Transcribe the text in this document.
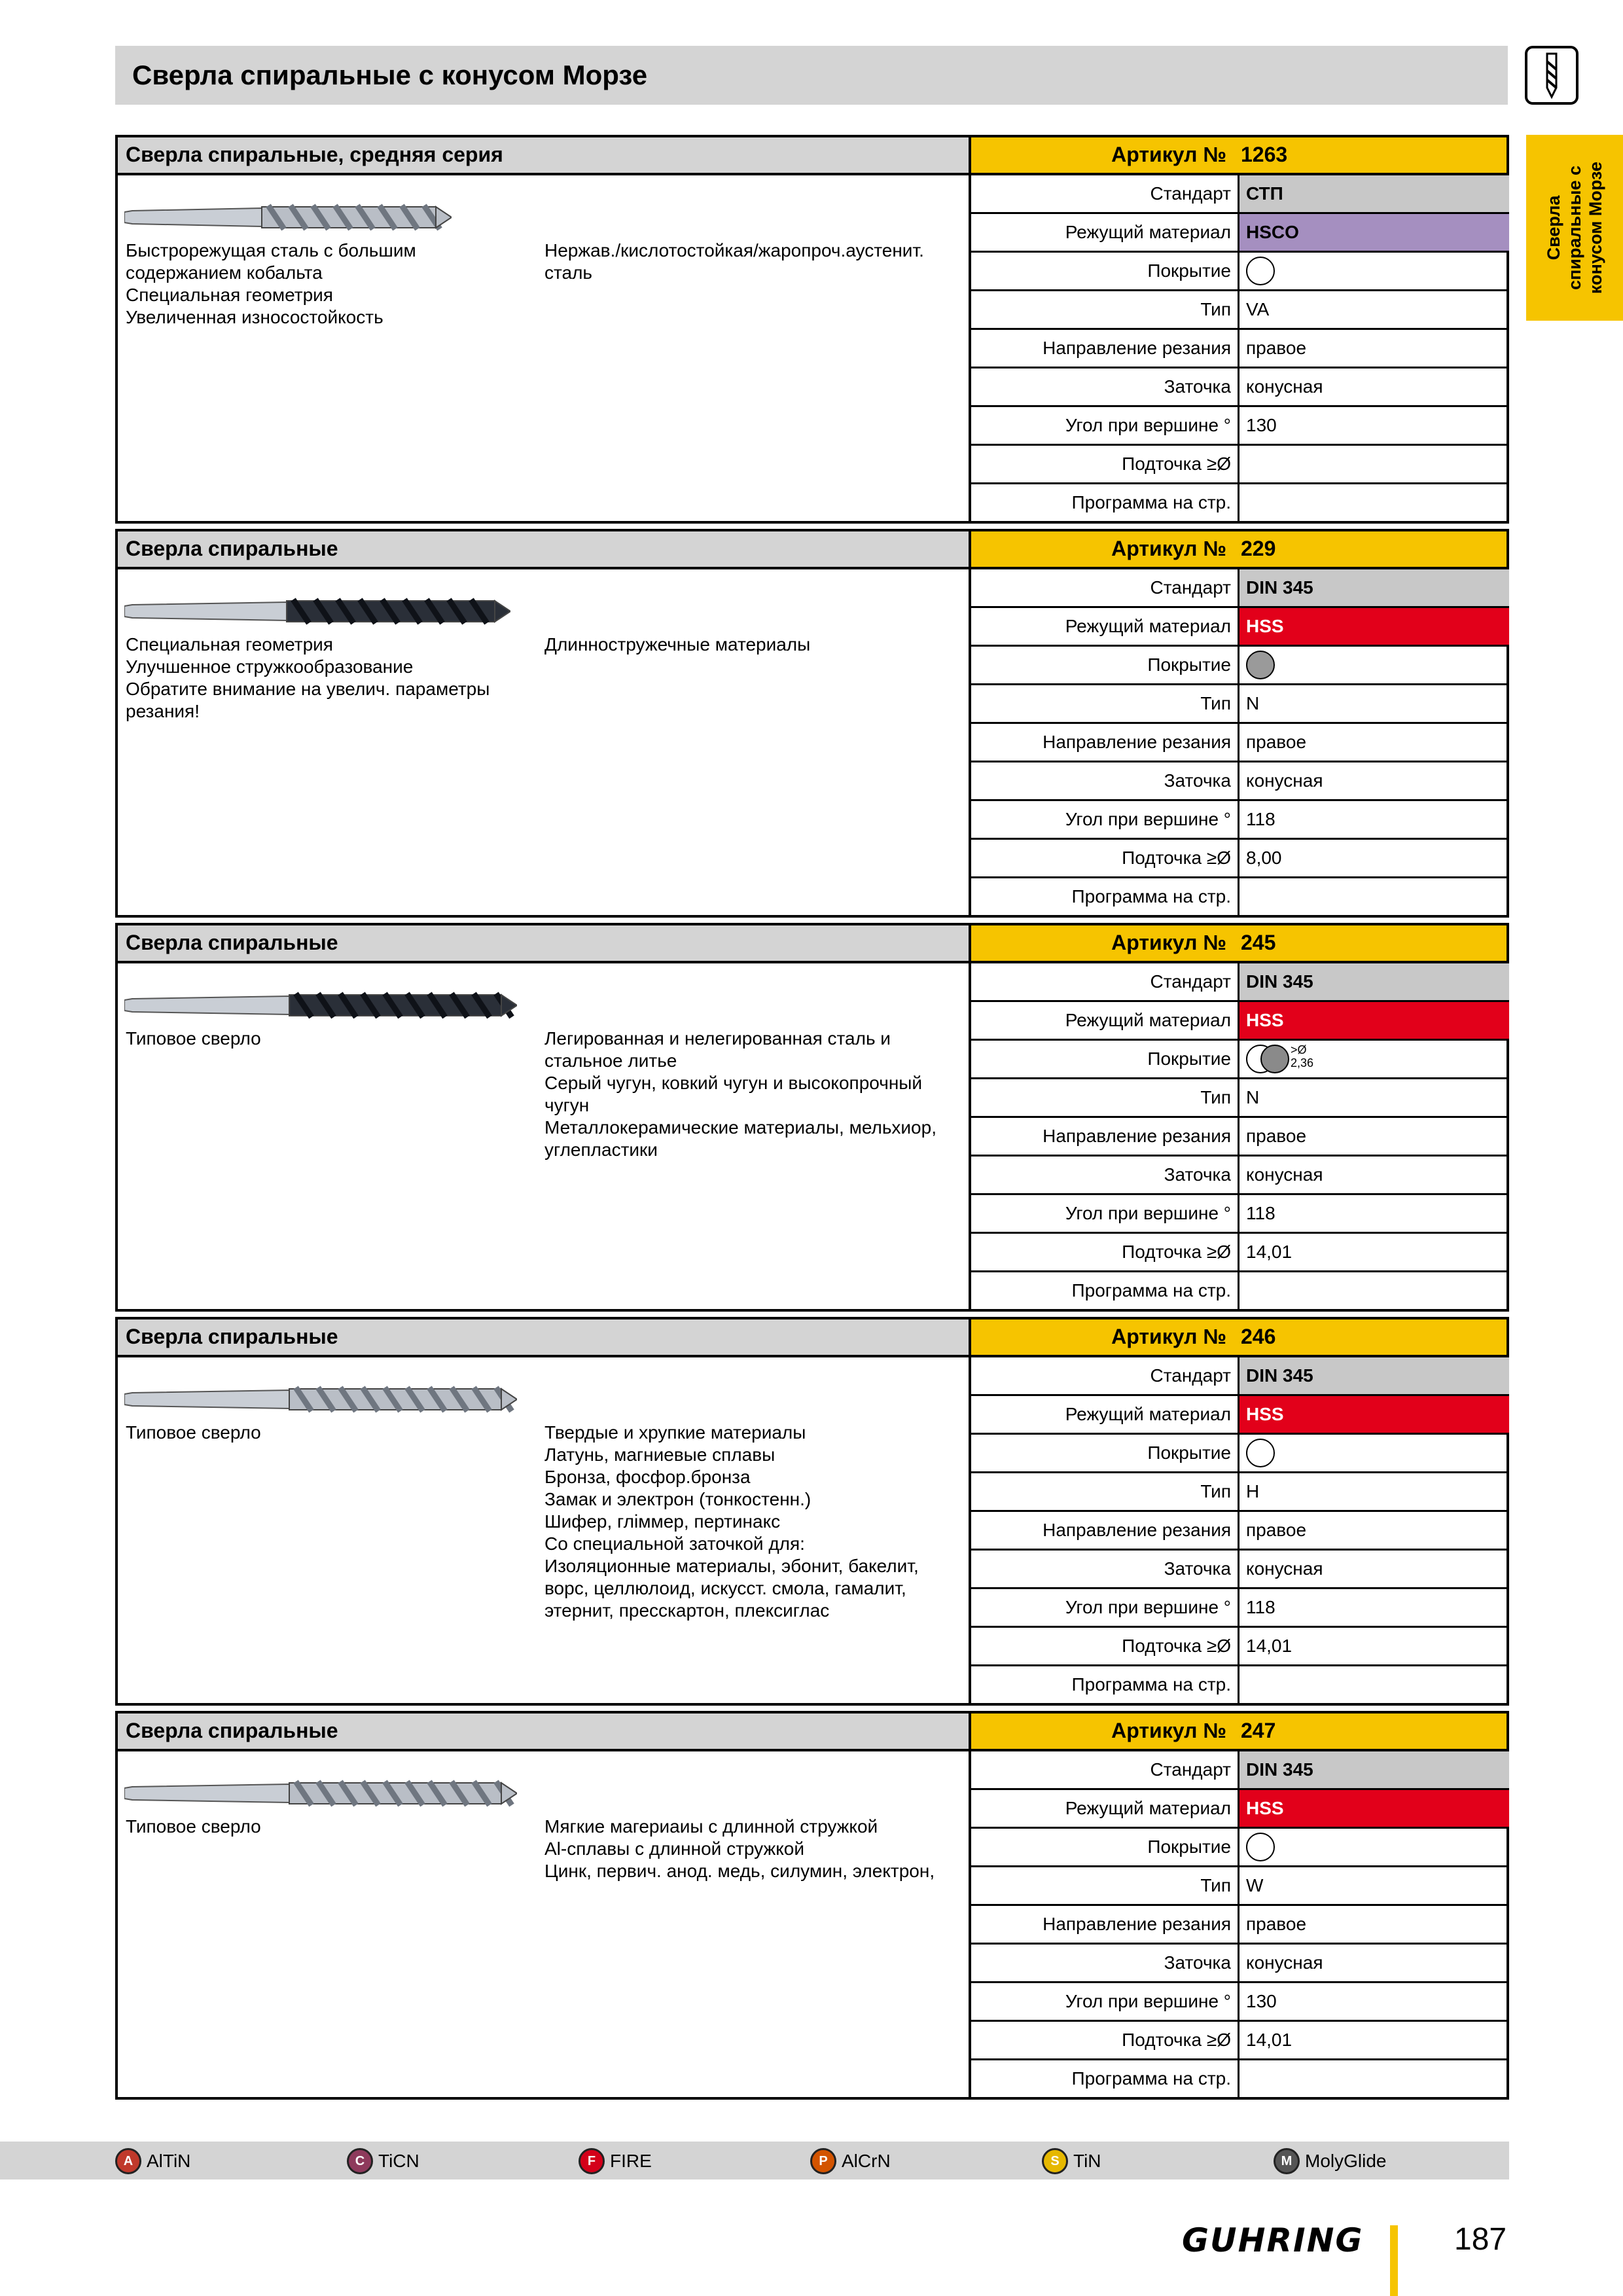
Сверла спиральные с конусом Морзе
Сверла спиральные с конусом Морзе
Сверла спиральные, средняя серия	Артикул № 1263
Быстрорежущая сталь с большим
содержанием кобальта
Специальная геометрия
Увеличенная износостойкость
Нержав./кислотостойкая/жаропроч.аустенит.
сталь
Стандарт СТП
Режущий материал HSCO
Покрытие
Тип VA
Направление резания правое
Заточка конусная
Угол при вершине ° 130
Подточка ≥Ø
Программа на стр.
Сверла спиральные	Артикул № 229
Специальная геометрия
Улучшенное стружкообразование
Обратите внимание на увелич. параметры
резания!
Длинностружечные материалы
Стандарт DIN 345
Режущий материал HSS
Покрытие
Тип N
Направление резания правое
Заточка конусная
Угол при вершине ° 118
Подточка ≥Ø 8,00
Программа на стр.
Сверла спиральные	Артикул № 245
Типовое сверло	Легированная и нелегированная сталь и
стальное литье
Серый чугун, ковкий чугун и высокопрочный
чугун
Металлокерамические материалы, мельхиор,
углепластики
Стандарт DIN 345
Режущий материал HSS
Покрытие	>Ø
2,36
Тип N
Направление резания правое
Заточка конусная
Угол при вершине ° 118
Подточка ≥Ø 14,01
Программа на стр.
Сверла спиральные	Артикул № 246
Типовое сверло	Твердые и хрупкие материалы
Латунь, магниевые сплавы
Бронза, фосфор.бронза
Замак и электрон (тонкостенн.)
Шифер, гліммер, пертинакс
Со специальной заточкой для:
Изоляционные материалы, эбонит, бакелит,
ворс, целлюлоид, искусст. смола, гамалит,
этернит, пресскартон, плексиглас
Стандарт DIN 345
Режущий материал HSS
Покрытие
Тип H
Направление резания правое
Заточка конусная
Угол при вершине ° 118
Подточка ≥Ø 14,01
Программа на стр.
Сверла спиральные	Артикул № 247
Типовое сверло	Мягкие магериаиы с длинной стружкой
Al-сплавы с длинной стружкой
Цинк, первич. анод. медь, силумин, электрон,
Стандарт DIN 345
Режущий материал HSS
Покрытие
Тип W
Направление резания правое
Заточка конусная
Угол при вершине ° 130
Подточка ≥Ø 14,01
Программа на стр.
A AlTiN	C TiCN	F FIRE	P AlCrN	S TiN	M MolyGlide
GUHRING	187
